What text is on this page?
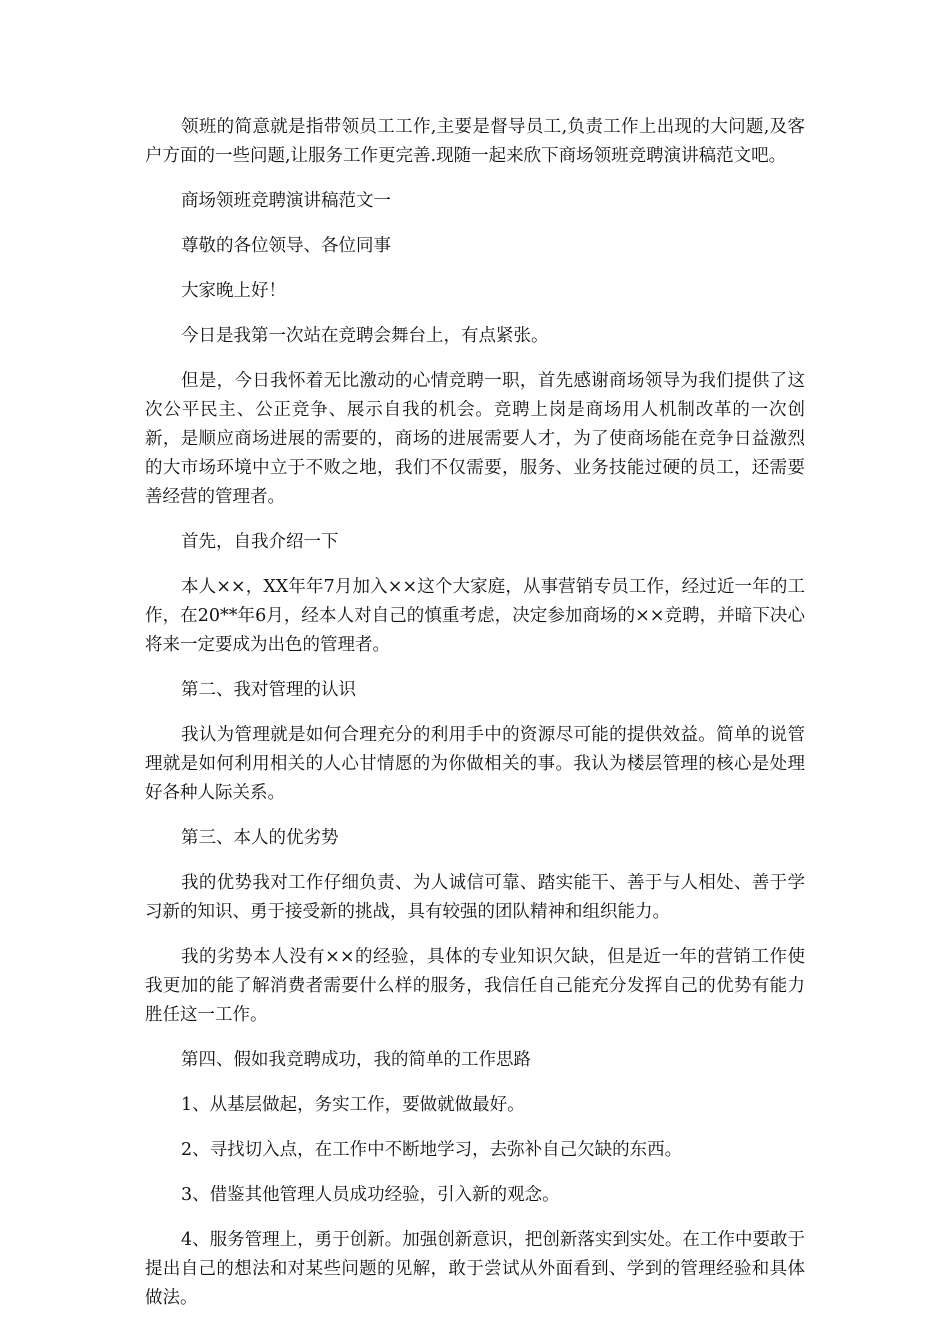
领班的简意就是指带领员工工作,主要是督导员工,负责工作上出现的大问题,及客户方面的一些问题,让服务工作更完善.现随一起来欣下商场领班竞聘演讲稿范文吧。

商场领班竞聘演讲稿范文一

尊敬的各位领导、各位同事

大家晚上好！

今日是我第一次站在竞聘会舞台上，有点紧张。

但是，今日我怀着无比激动的心情竞聘一职，首先感谢商场领导为我们提供了这次公平民主、公正竞争、展示自我的机会。竞聘上岗是商场用人机制改革的一次创新，是顺应商场进展的需要的，商场的进展需要人才，为了使商场能在竞争日益激烈的大市场环境中立于不败之地，我们不仅需要，服务、业务技能过硬的员工，还需要善经营的管理者。

首先，自我介绍一下

本人××，XX年年7月加入××这个大家庭，从事营销专员工作，经过近一年的工作，在20**年6月，经本人对自己的慎重考虑，决定参加商场的××竞聘，并暗下决心将来一定要成为出色的管理者。

第二、我对管理的认识

我认为管理就是如何合理充分的利用手中的资源尽可能的提供效益。简单的说管理就是如何利用相关的人心甘情愿的为你做相关的事。我认为楼层管理的核心是处理好各种人际关系。

第三、本人的优劣势

我的优势我对工作仔细负责、为人诚信可靠、踏实能干、善于与人相处、善于学习新的知识、勇于接受新的挑战，具有较强的团队精神和组织能力。

我的劣势本人没有××的经验，具体的专业知识欠缺，但是近一年的营销工作使我更加的能了解消费者需要什么样的服务，我信任自己能充分发挥自己的优势有能力胜任这一工作。

第四、假如我竞聘成功，我的简单的工作思路

1、从基层做起，务实工作，要做就做最好。

2、寻找切入点，在工作中不断地学习，去弥补自己欠缺的东西。

3、借鉴其他管理人员成功经验，引入新的观念。

4、服务管理上，勇于创新。加强创新意识，把创新落实到实处。在工作中要敢于提出自己的想法和对某些问题的见解，敢于尝试从外面看到、学到的管理经验和具体做法。
